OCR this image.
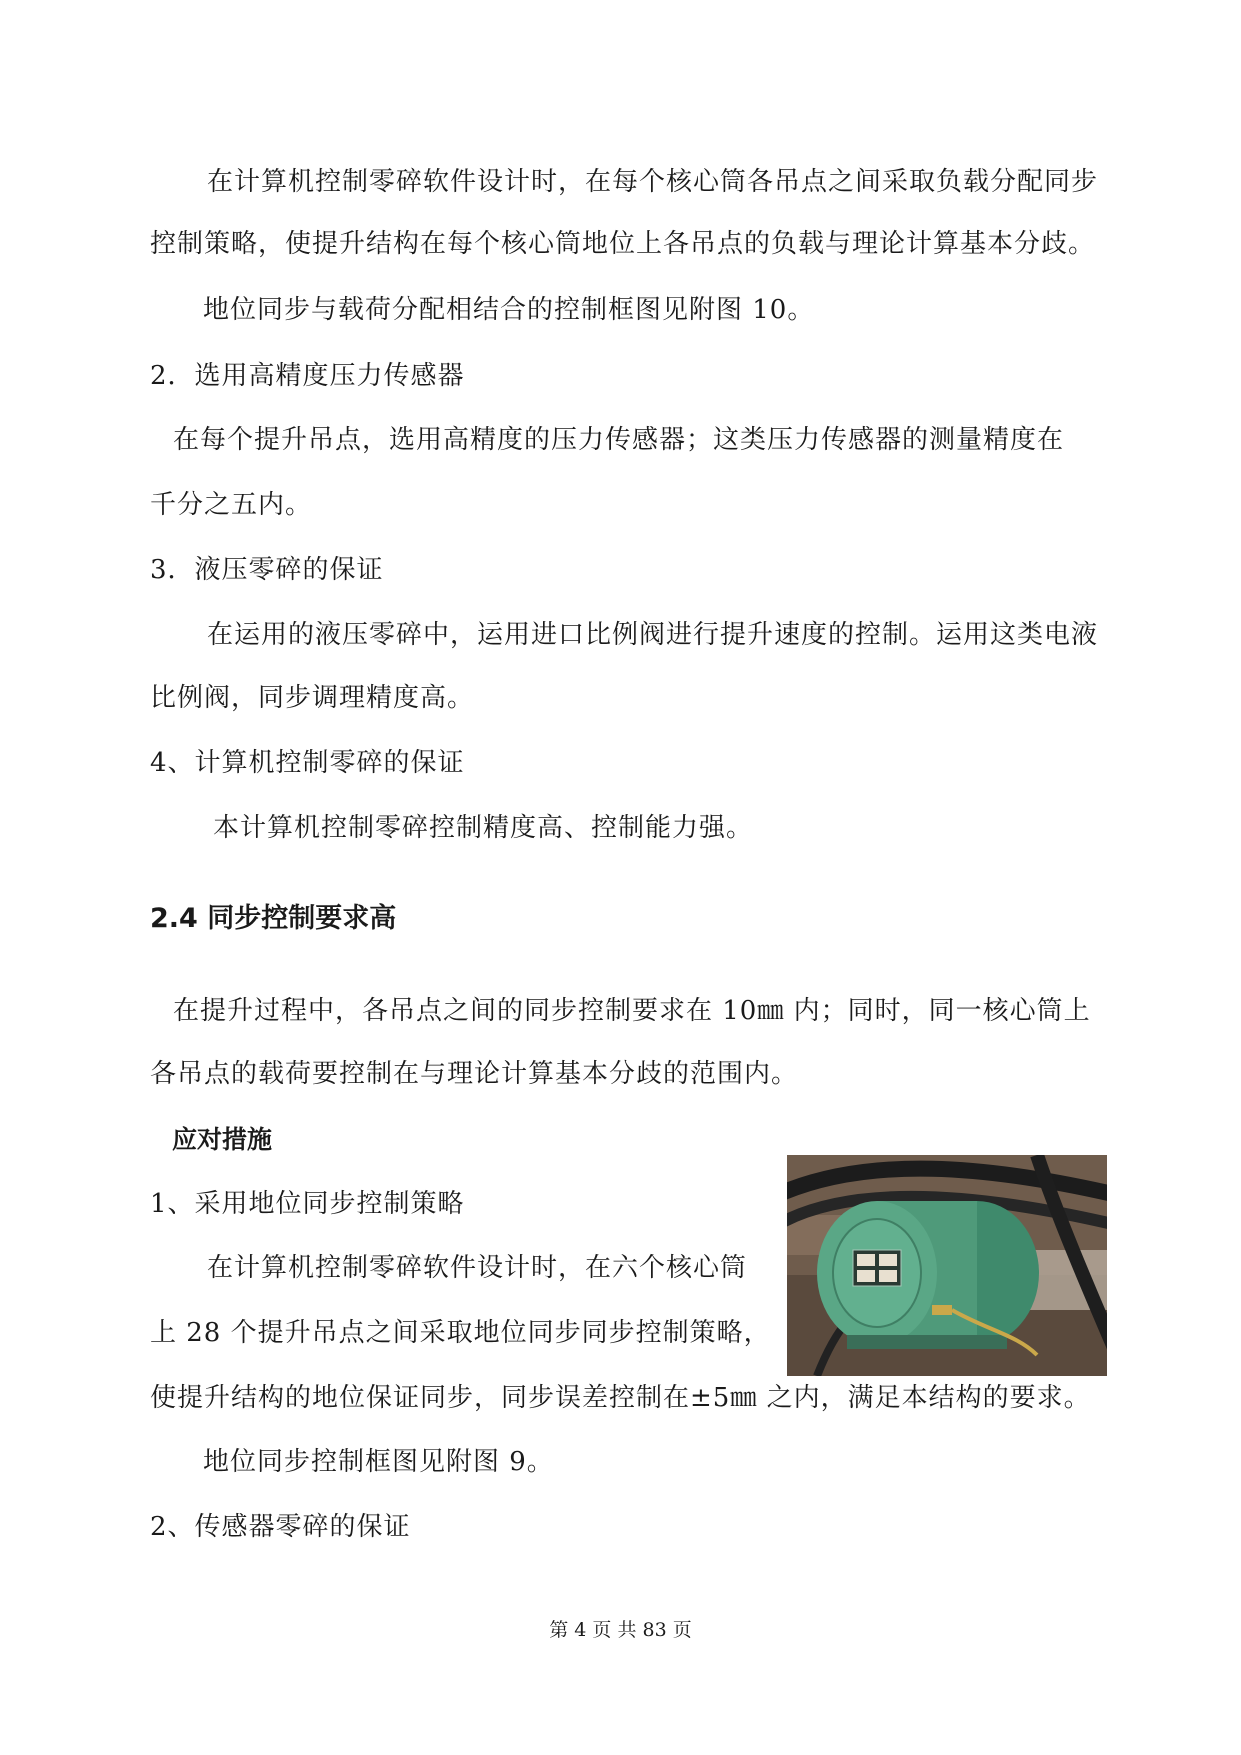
在计算机控制零碎软件设计时，在每个核心筒各吊点之间采取负载分配同步
控制策略，使提升结构在每个核心筒地位上各吊点的负载与理论计算基本分歧。
地位同步与载荷分配相结合的控制框图见附图 10。
2．选用高精度压力传感器
在每个提升吊点，选用高精度的压力传感器；这类压力传感器的测量精度在
千分之五内。
3．液压零碎的保证
在运用的液压零碎中，运用进口比例阀进行提升速度的控制。运用这类电液
比例阀，同步调理精度高。
4、计算机控制零碎的保证
本计算机控制零碎控制精度高、控制能力强。
2.4 同步控制要求高
在提升过程中，各吊点之间的同步控制要求在 10㎜ 内；同时，同一核心筒上
各吊点的载荷要控制在与理论计算基本分歧的范围内。
应对措施
1、采用地位同步控制策略
在计算机控制零碎软件设计时，在六个核心筒
上 28 个提升吊点之间采取地位同步同步控制策略，
使提升结构的地位保证同步，同步误差控制在±5㎜ 之内，满足本结构的要求。
地位同步控制框图见附图 9。
2、传感器零碎的保证
第 4 页 共 83 页
